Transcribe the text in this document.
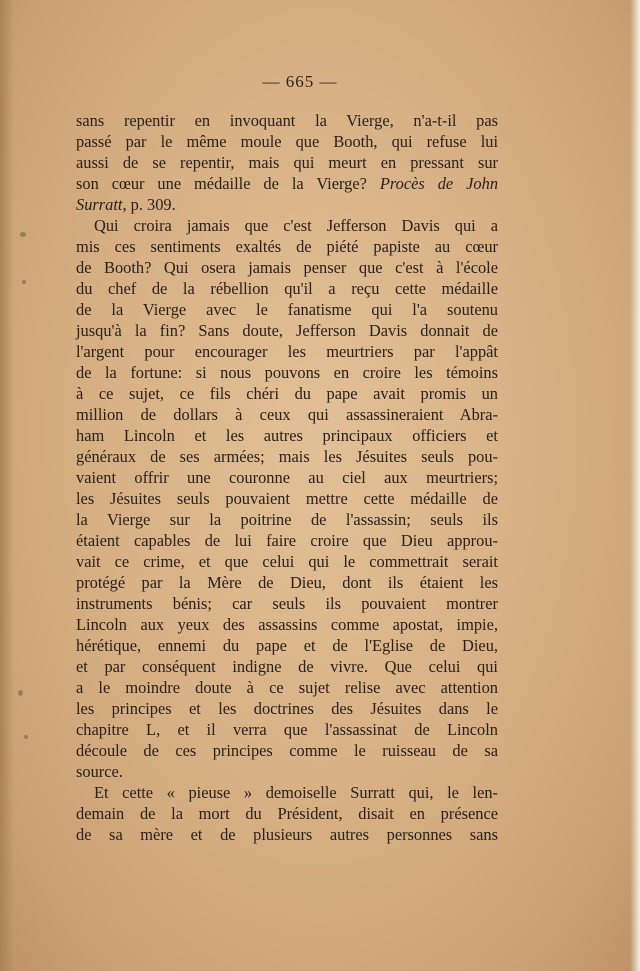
— 665 —
sans repentir en invoquant la Vierge, n'a-t-il pas
passé par le même moule que Booth, qui refuse lui
aussi de se repentir, mais qui meurt en pressant sur
son cœur une médaille de la Vierge? Procès de John
Surratt, p. 309.
Qui croira jamais que c'est Jefferson Davis qui a
mis ces sentiments exaltés de piété papiste au cœur
de Booth? Qui osera jamais penser que c'est à l'école
du chef de la rébellion qu'il a reçu cette médaille
de la Vierge avec le fanatisme qui l'a soutenu
jusqu'à la fin? Sans doute, Jefferson Davis donnait de
l'argent pour encourager les meurtriers par l'appât
de la fortune: si nous pouvons en croire les témoins
à ce sujet, ce fils chéri du pape avait promis un
million de dollars à ceux qui assassineraient Abra-
ham Lincoln et les autres principaux officiers et
généraux de ses armées; mais les Jésuites seuls pou-
vaient offrir une couronne au ciel aux meurtriers;
les Jésuites seuls pouvaient mettre cette médaille de
la Vierge sur la poitrine de l'assassin; seuls ils
étaient capables de lui faire croire que Dieu approu-
vait ce crime, et que celui qui le commettrait serait
protégé par la Mère de Dieu, dont ils étaient les
instruments bénis; car seuls ils pouvaient montrer
Lincoln aux yeux des assassins comme apostat, impie,
hérétique, ennemi du pape et de l'Eglise de Dieu,
et par conséquent indigne de vivre. Que celui qui
a le moindre doute à ce sujet relise avec attention
les principes et les doctrines des Jésuites dans le
chapitre L, et il verra que l'assassinat de Lincoln
découle de ces principes comme le ruisseau de sa
source.
Et cette « pieuse » demoiselle Surratt qui, le len-
demain de la mort du Président, disait en présence
de sa mère et de plusieurs autres personnes sans
